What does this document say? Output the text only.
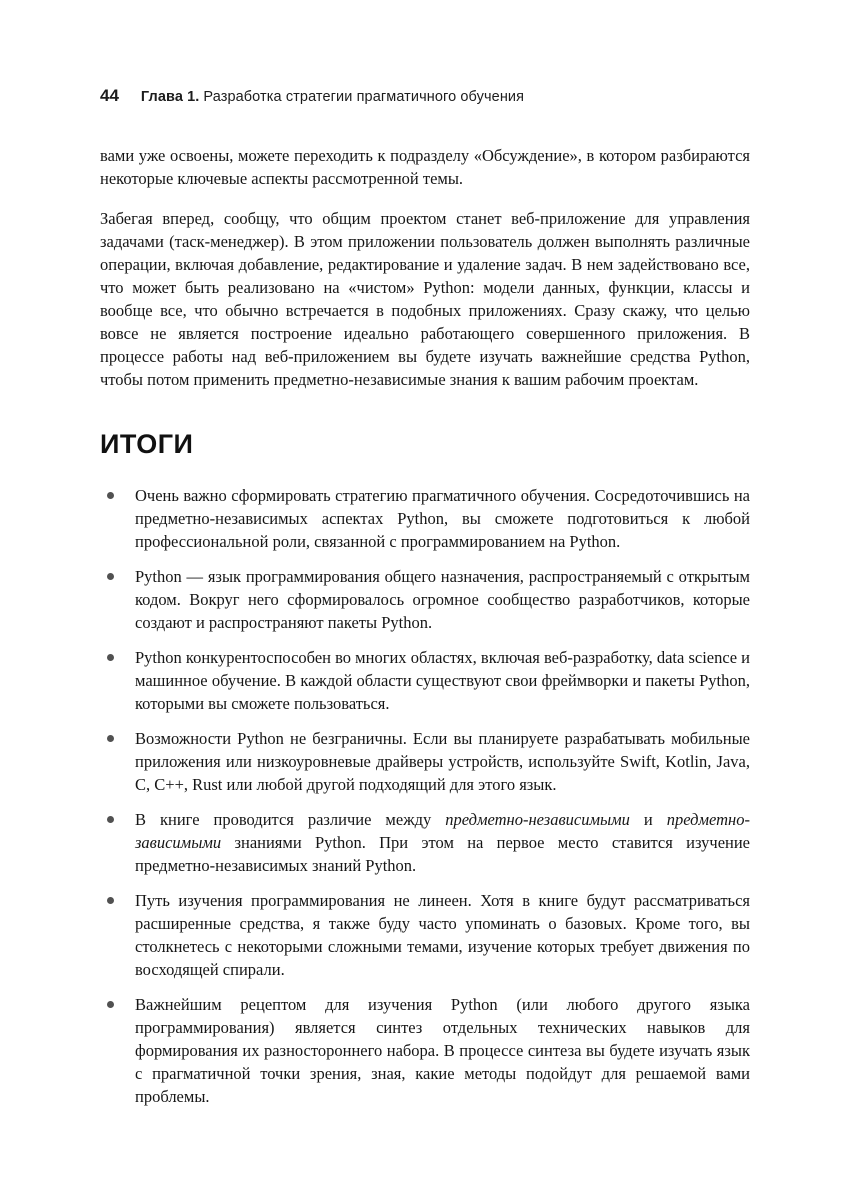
44 Глава 1. Разработка стратегии прагматичного обучения

вами уже освоены, можете переходить к подразделу «Обсуждение», в котором разбираются некоторые ключевые аспекты рассмотренной темы.

Забегая вперед, сообщу, что общим проектом станет веб-приложение для управления задачами (таск-менеджер). В этом приложении пользователь должен выполнять различные операции, включая добавление, редактирование и удаление задач. В нем задействовано все, что может быть реализовано на «чистом» Python: модели данных, функции, классы и вообще все, что обычно встречается в подобных приложениях. Сразу скажу, что целью вовсе не является построение идеально работающего совершенного приложения. В процессе работы над веб-приложением вы будете изучать важнейшие средства Python, чтобы потом применить предметно-независимые знания к вашим рабочим проектам.

ИТОГИ
Очень важно сформировать стратегию прагматичного обучения. Сосредоточившись на предметно-независимых аспектах Python, вы сможете подготовиться к любой профессиональной роли, связанной с программированием на Python.
Python — язык программирования общего назначения, распространяемый с открытым кодом. Вокруг него сформировалось огромное сообщество разработчиков, которые создают и распространяют пакеты Python.
Python конкурентоспособен во многих областях, включая веб-разработку, data science и машинное обучение. В каждой области существуют свои фреймворки и пакеты Python, которыми вы сможете пользоваться.
Возможности Python не безграничны. Если вы планируете разрабатывать мобильные приложения или низкоуровневые драйверы устройств, используйте Swift, Kotlin, Java, C, C++, Rust или любой другой подходящий для этого язык.
В книге проводится различие между предметно-независимыми и предметно-зависимыми знаниями Python. При этом на первое место ставится изучение предметно-независимых знаний Python.
Путь изучения программирования не линеен. Хотя в книге будут рассматриваться расширенные средства, я также буду часто упоминать о базовых. Кроме того, вы столкнетесь с некоторыми сложными темами, изучение которых требует движения по восходящей спирали.
Важнейшим рецептом для изучения Python (или любого другого языка программирования) является синтез отдельных технических навыков для формирования их разностороннего набора. В процессе синтеза вы будете изучать язык с прагматичной точки зрения, зная, какие методы подойдут для решаемой вами проблемы.
